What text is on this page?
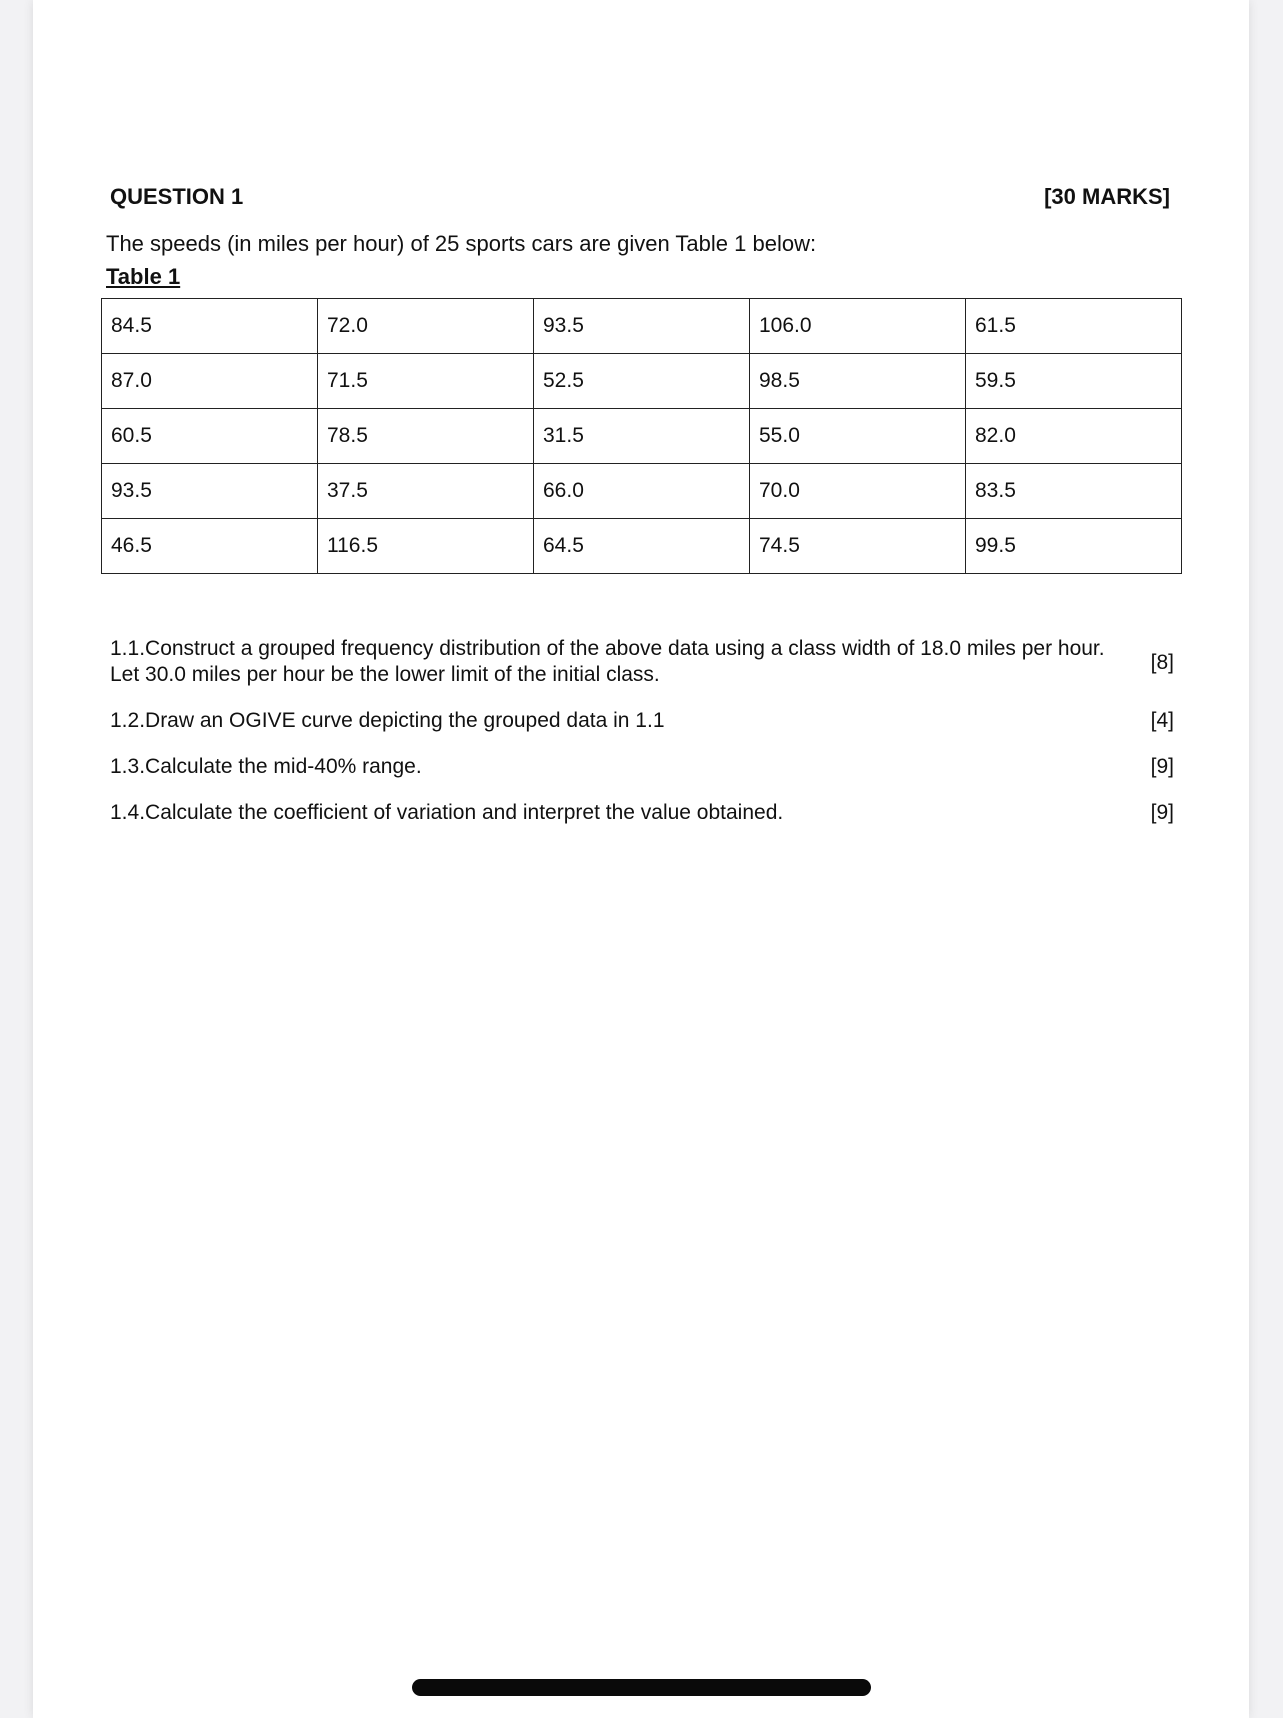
QUESTION 1	[30 MARKS]
The speeds (in miles per hour) of 25 sports cars are given Table 1 below:
Table 1
84.5	72.0	93.5	106.0	61.5
87.0	71.5	52.5	98.5	59.5
60.5	78.5	31.5	55.0	82.0
93.5	37.5	66.0	70.0	83.5
46.5	116.5	64.5	74.5	99.5
1.1.Construct a grouped frequency distribution of the above data using a class width of 18.0 miles per hour. Let 30.0 miles per hour be the lower limit of the initial class.
[8]
1.2.Draw an OGIVE curve depicting the grouped data in 1.1	[4]
1.3.Calculate the mid-40% range.	[9]
1.4.Calculate the coefficient of variation and interpret the value obtained.	[9]
